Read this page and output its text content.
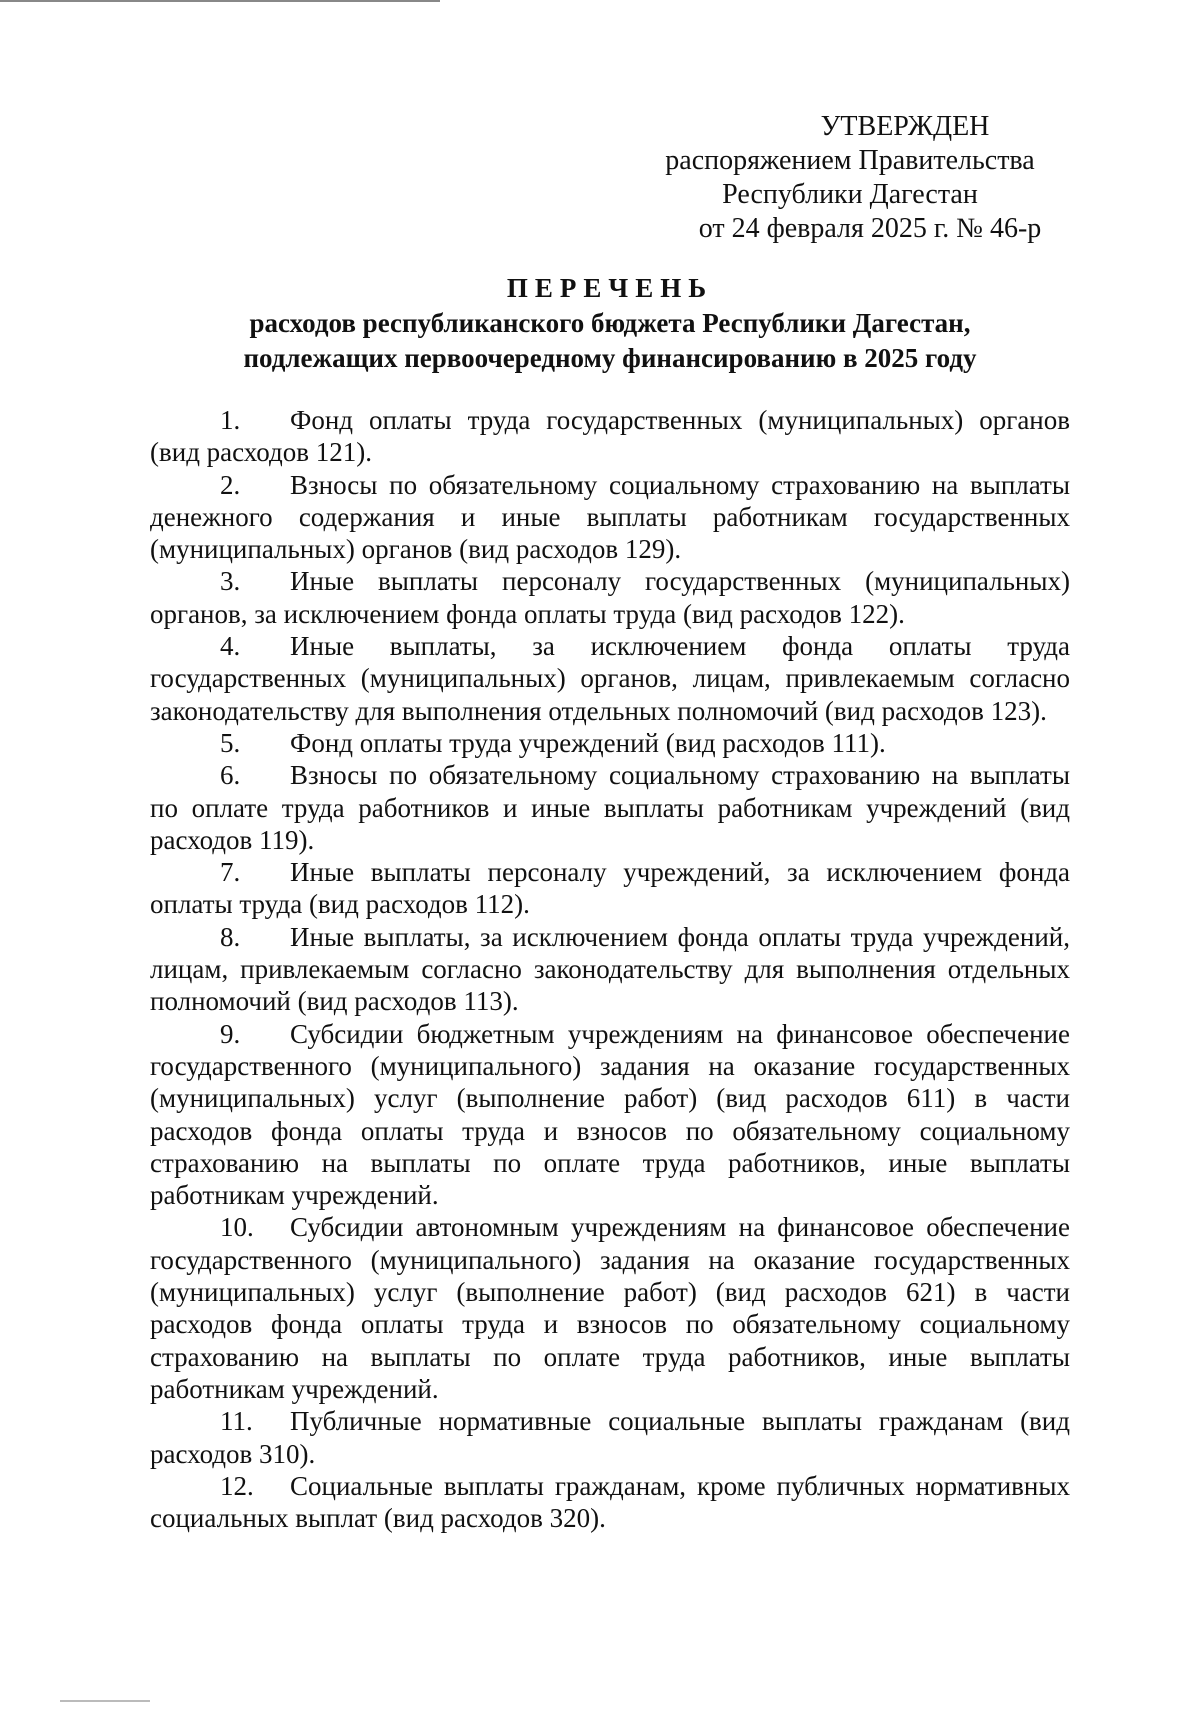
УТВЕРЖДЕН
распоряжением Правительства
Республики Дагестан
от 24 февраля 2025 г. № 46-р
ПЕРЕЧЕНЬ
расходов республиканского бюджета Республики Дагестан,
подлежащих первоочередному финансированию в 2025 году
1. Фонд оплаты труда государственных (муниципальных) органов (вид расходов 121).
2. Взносы по обязательному социальному страхованию на выплаты денежного содержания и иные выплаты работникам государственных (муниципальных) органов (вид расходов 129).
3. Иные выплаты персоналу государственных (муниципальных) органов, за исключением фонда оплаты труда (вид расходов 122).
4. Иные выплаты, за исключением фонда оплаты труда государственных (муниципальных) органов, лицам, привлекаемым согласно законодательству для выполнения отдельных полномочий (вид расходов 123).
5. Фонд оплаты труда учреждений (вид расходов 111).
6. Взносы по обязательному социальному страхованию на выплаты по оплате труда работников и иные выплаты работникам учреждений (вид расходов 119).
7. Иные выплаты персоналу учреждений, за исключением фонда оплаты труда (вид расходов 112).
8. Иные выплаты, за исключением фонда оплаты труда учреждений, лицам, привлекаемым согласно законодательству для выполнения отдельных полномочий (вид расходов 113).
9. Субсидии бюджетным учреждениям на финансовое обеспечение государственного (муниципального) задания на оказание государственных (муниципальных) услуг (выполнение работ) (вид расходов 611) в части расходов фонда оплаты труда и взносов по обязательному социальному страхованию на выплаты по оплате труда работников, иные выплаты работникам учреждений.
10. Субсидии автономным учреждениям на финансовое обеспечение государственного (муниципального) задания на оказание государственных (муниципальных) услуг (выполнение работ) (вид расходов 621) в части расходов фонда оплаты труда и взносов по обязательному социальному страхованию на выплаты по оплате труда работников, иные выплаты работникам учреждений.
11. Публичные нормативные социальные выплаты гражданам (вид расходов 310).
12. Социальные выплаты гражданам, кроме публичных нормативных социальных выплат (вид расходов 320).
